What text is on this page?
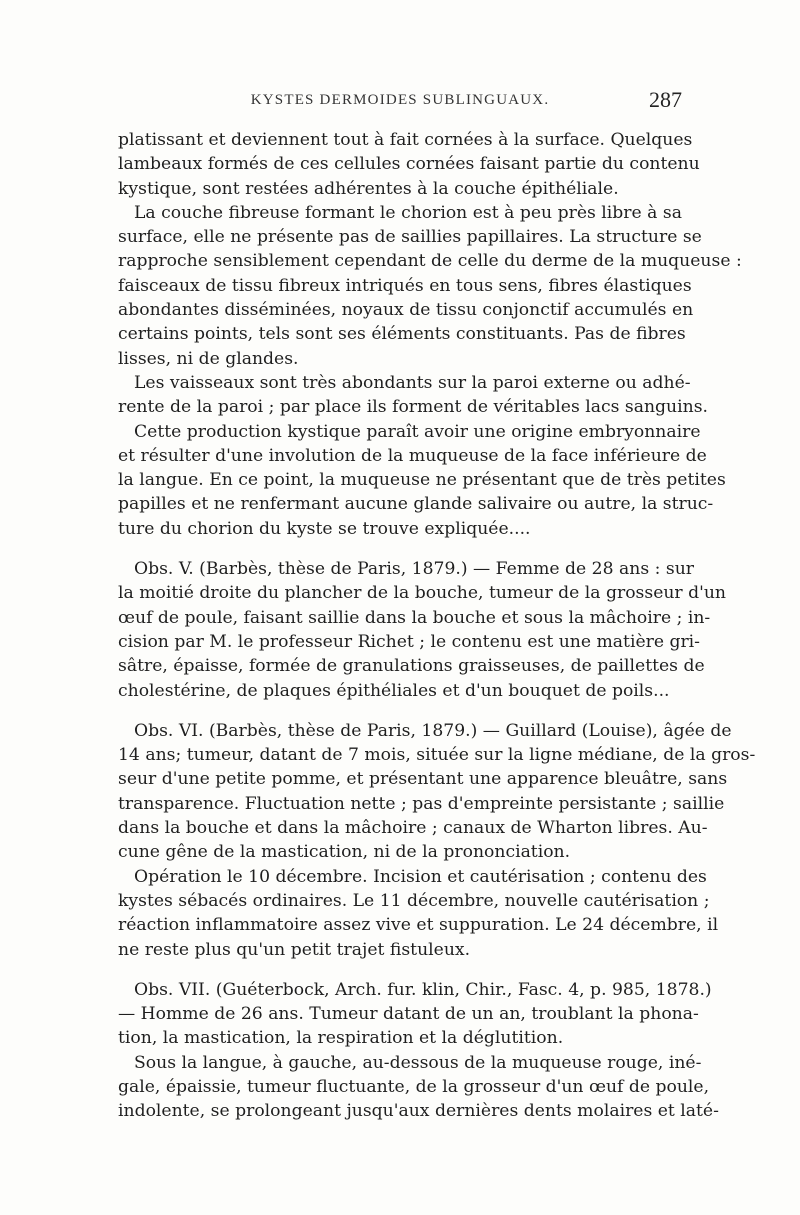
KYSTES DERMOIDES SUBLINGUAUX.	287
platissant et deviennent tout à fait cornées à la surface. Quelques
lambeaux formés de ces cellules cornées faisant partie du contenu
kystique, sont restées adhérentes à la couche épithéliale.
La couche fibreuse formant le chorion est à peu près libre à sa
surface, elle ne présente pas de saillies papillaires. La structure se
rapproche sensiblement cependant de celle du derme de la muqueuse :
faisceaux de tissu fibreux intriqués en tous sens, fibres élastiques
abondantes disséminées, noyaux de tissu conjonctif accumulés en
certains points, tels sont ses éléments constituants. Pas de fibres
lisses, ni de glandes.
Les vaisseaux sont très abondants sur la paroi externe ou adhé-
rente de la paroi ; par place ils forment de véritables lacs sanguins.
Cette production kystique paraît avoir une origine embryonnaire
et résulter d'une involution de la muqueuse de la face inférieure de
la langue. En ce point, la muqueuse ne présentant que de très petites
papilles et ne renfermant aucune glande salivaire ou autre, la struc-
ture du chorion du kyste se trouve expliquée....
Obs. V. (Barbès, thèse de Paris, 1879.) — Femme de 28 ans : sur
la moitié droite du plancher de la bouche, tumeur de la grosseur d'un
œuf de poule, faisant saillie dans la bouche et sous la mâchoire ; in-
cision par M. le professeur Richet ; le contenu est une matière gri-
sâtre, épaisse, formée de granulations graisseuses, de paillettes de
cholestérine, de plaques épithéliales et d'un bouquet de poils...
Obs. VI. (Barbès, thèse de Paris, 1879.) — Guillard (Louise), âgée de
14 ans; tumeur, datant de 7 mois, située sur la ligne médiane, de la gros-
seur d'une petite pomme, et présentant une apparence bleuâtre, sans
transparence. Fluctuation nette ; pas d'empreinte persistante ; saillie
dans la bouche et dans la mâchoire ; canaux de Wharton libres. Au-
cune gêne de la mastication, ni de la prononciation.
Opération le 10 décembre. Incision et cautérisation ; contenu des
kystes sébacés ordinaires. Le 11 décembre, nouvelle cautérisation ;
réaction inflammatoire assez vive et suppuration. Le 24 décembre, il
ne reste plus qu'un petit trajet fistuleux.
Obs. VII. (Guéterbock, Arch. fur. klin, Chir., Fasc. 4, p. 985, 1878.)
— Homme de 26 ans. Tumeur datant de un an, troublant la phona-
tion, la mastication, la respiration et la déglutition.
Sous la langue, à gauche, au-dessous de la muqueuse rouge, iné-
gale, épaissie, tumeur fluctuante, de la grosseur d'un œuf de poule,
indolente, se prolongeant jusqu'aux dernières dents molaires et laté-
